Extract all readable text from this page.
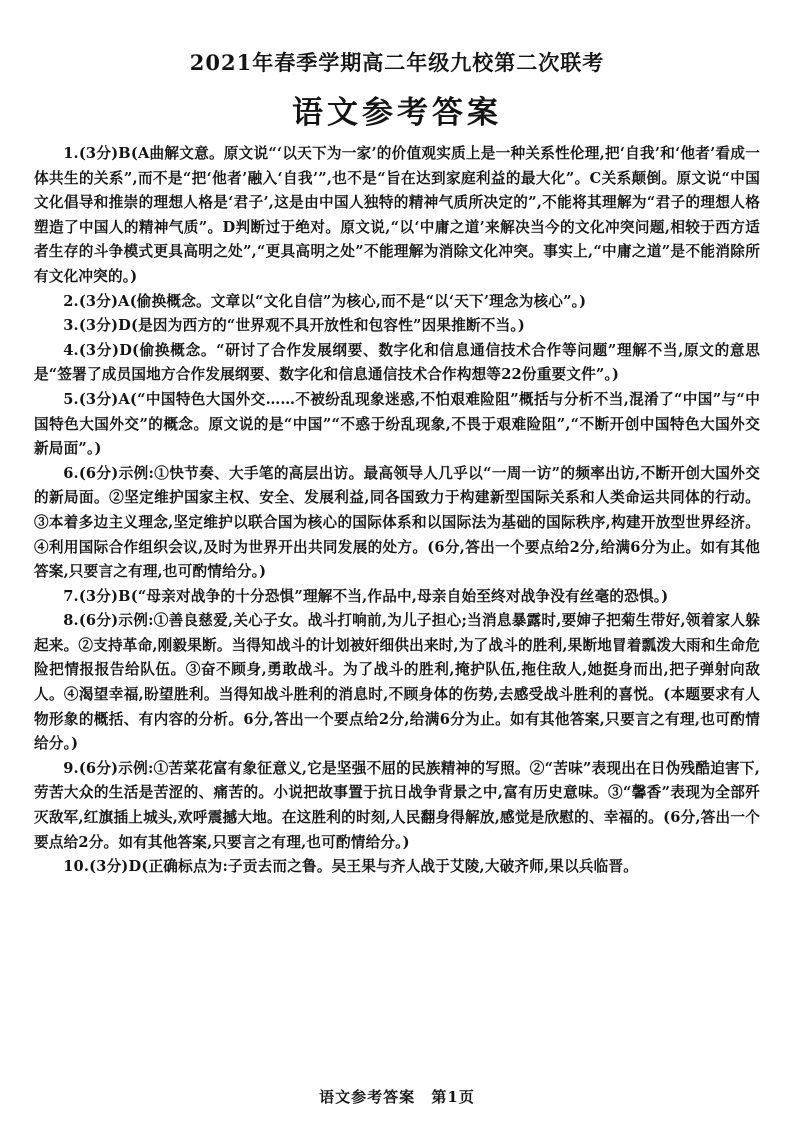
2021年春季学期高二年级九校第二次联考
语文参考答案

1.(3分)B(A曲解文意。原文说“‘以天下为一家’的价值观实质上是一种关系性伦理,把‘自我’和‘他者’看成一体共生的关系”,而不是“把‘他者’融入‘自我’”,也不是“旨在达到家庭利益的最大化”。C关系颠倒。原文说“中国文化倡导和推崇的理想人格是‘君子’,这是由中国人独特的精神气质所决定的”,不能将其理解为“君子的理想人格塑造了中国人的精神气质”。D判断过于绝对。原文说,“以‘中庸之道’来解决当今的文化冲突问题,相较于西方适者生存的斗争模式更具高明之处”,“更具高明之处”不能理解为消除文化冲突。事实上,“中庸之道”是不能消除所有文化冲突的。)

2.(3分)A(偷换概念。文章以“文化自信”为核心,而不是“以‘天下’理念为核心”。)

3.(3分)D(是因为西方的“世界观不具开放性和包容性”因果推断不当。)

4.(3分)D(偷换概念。“研讨了合作发展纲要、数字化和信息通信技术合作等问题”理解不当,原文的意思是“签署了成员国地方合作发展纲要、数字化和信息通信技术合作构想等22份重要文件”。)

5.(3分)A(“中国特色大国外交……不被纷乱现象迷惑,不怕艰难险阻”概括与分析不当,混淆了“中国”与“中国特色大国外交”的概念。原文说的是“中国”“不惑于纷乱现象,不畏于艰难险阻”,“不断开创中国特色大国外交新局面”。)

6.(6分)示例:①快节奏、大手笔的高层出访。最高领导人几乎以“一周一访”的频率出访,不断开创大国外交的新局面。②坚定维护国家主权、安全、发展利益,同各国致力于构建新型国际关系和人类命运共同体的行动。③本着多边主义理念,坚定维护以联合国为核心的国际体系和以国际法为基础的国际秩序,构建开放型世界经济。④利用国际合作组织会议,及时为世界开出共同发展的处方。(6分,答出一个要点给2分,给满6分为止。如有其他答案,只要言之有理,也可酌情给分。)

7.(3分)B(“母亲对战争的十分恐惧”理解不当,作品中,母亲自始至终对战争没有丝毫的恐惧。)

8.(6分)示例:①善良慈爱,关心子女。战斗打响前,为儿子担心;当消息暴露时,要婶子把菊生带好,领着家人躲起来。②支持革命,刚毅果断。当得知战斗的计划被奸细供出来时,为了战斗的胜利,果断地冒着瓢泼大雨和生命危险把情报报告给队伍。③奋不顾身,勇敢战斗。为了战斗的胜利,掩护队伍,拖住敌人,她挺身而出,把子弹射向敌人。④渴望幸福,盼望胜利。当得知战斗胜利的消息时,不顾身体的伤势,去感受战斗胜利的喜悦。(本题要求有人物形象的概括、有内容的分析。6分,答出一个要点给2分,给满6分为止。如有其他答案,只要言之有理,也可酌情给分。)

9.(6分)示例:①苦菜花富有象征意义,它是坚强不屈的民族精神的写照。②“苦味”表现出在日伪残酷迫害下,劳苦大众的生活是苦涩的、痛苦的。小说把故事置于抗日战争背景之中,富有历史意味。③“馨香”表现为全部歼灭敌军,红旗插上城头,欢呼震撼大地。在这胜利的时刻,人民翻身得解放,感觉是欣慰的、幸福的。(6分,答出一个要点给2分。如有其他答案,只要言之有理,也可酌情给分。)

10.(3分)D(正确标点为:子贡去而之鲁。吴王果与齐人战于艾陵,大破齐师,果以兵临晋。

语文参考答案 第1页
